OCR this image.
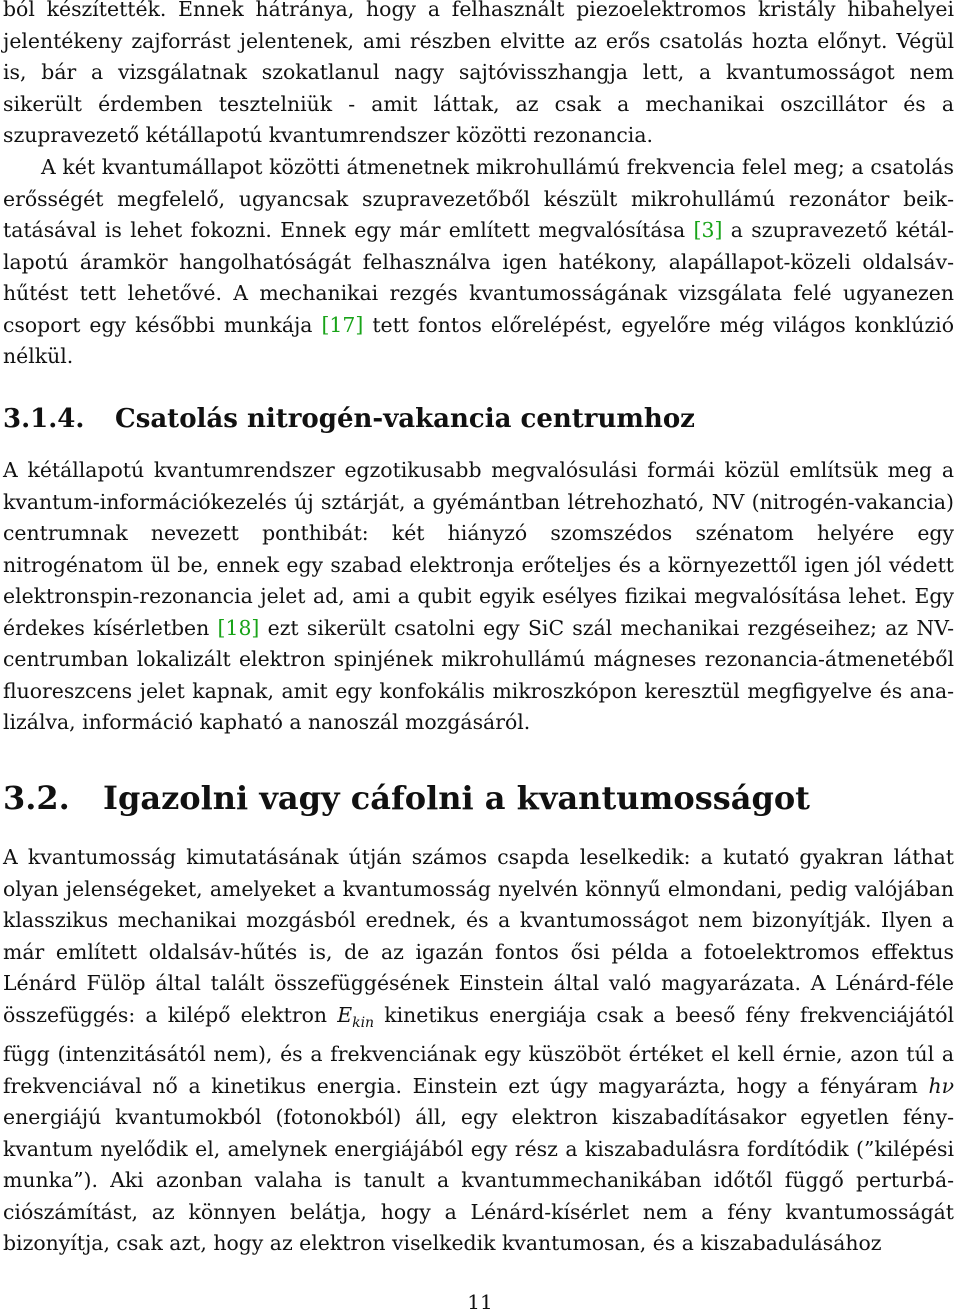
ból készítették. Ennek hátránya, hogy a felhasznált piezoelektromos kristály hibahelyei jelentékeny zajforrást jelentenek, ami részben elvitte az erős csatolás hozta előnyt. Végül is, bár a vizsgálatnak szokatlanul nagy sajtóvisszhangja lett, a kvantumosságot nem sikerült érdemben tesztelniük - amit láttak, az csak a mechanikai oszcillátor és a szupravezető kétállapotú kvantumrendszer közötti rezonancia.

A két kvantumállapot közötti átmenetnek mikrohullámú frekvencia felel meg; a csatolás erősségét megfelelő, ugyancsak szupravezetőből készült mikrohullámú rezonátor beiktatásával is lehet fokozni. Ennek egy már említett megvalósítása [3] a szupravezető kétállapotú áramkör hangolhatóságát felhasználva igen hatékony, alapállapot-közeli oldalsávhűtést tett lehetővé. A mechanikai rezgés kvantumosságának vizsgálata felé ugyanezen csoport egy későbbi munkája [17] tett fontos előrelépést, egyelőre még világos konklúzió nélkül.

3.1.4. Csatolás nitrogén-vakancia centrumhoz

A kétállapotú kvantumrendszer egzotikusabb megvalósulási formái közül említsük meg a kvantum-információkezelés új sztárját, a gyémántban létrehozható, NV (nitrogén-vakancia) centrumnak nevezett ponthibát: két hiányzó szomszédos szénatom helyére egy nitrogénatom ül be, ennek egy szabad elektronja erőteljes és a környezettől igen jól védett elektronspin-rezonancia jelet ad, ami a qubit egyik esélyes fizikai megvalósítása lehet. Egy érdekes kísérletben [18] ezt sikerült csatolni egy SiC szál mechanikai rezgéseihez; az NV-centrumban lokalizált elektron spinjének mikrohullámú mágneses rezonancia-átmenetéből fluoreszcens jelet kapnak, amit egy konfokális mikroszkópon keresztül megfigyelve és analizálva, információ kapható a nanoszál mozgásáról.

3.2. Igazolni vagy cáfolni a kvantumosságot

A kvantumosság kimutatásának útján számos csapda leselkedik: a kutató gyakran láthat olyan jelenségeket, amelyeket a kvantumosság nyelvén könnyű elmondani, pedig valójában klasszikus mechanikai mozgásból erednek, és a kvantumosságot nem bizonyítják. Ilyen a már említett oldalsáv-hűtés is, de az igazán fontos ősi példa a fotoelektromos effektus Lénárd Fülöp által talált összefüggésének Einstein által való magyarázata. A Lénárd-féle összefüggés: a kilépő elektron $E_{kin}$ kinetikus energiája csak a beeső fény frekvenciájától függ (intenzitásától nem), és a frekvenciának egy küszöböt értéket el kell érnie, azon túl a frekvenciával nő a kinetikus energia. Einstein ezt úgy magyarázta, hogy a fényáram hν energiájú kvantumokból (fotonokból) áll, egy elektron kiszabadításakor egyetlen fénykvantum nyelődik el, amelynek energiájából egy rész a kiszabadulásra fordítódik (”kilépési munka”). Aki azonban valaha is tanult a kvantummechanikában időtől függő perturbációszámítást, az könnyen belátja, hogy a Lénárd-kísérlet nem a fény kvantumosságát bizonyítja, csak azt, hogy az elektron viselkedik kvantumosan, és a kiszabadulásához

11
